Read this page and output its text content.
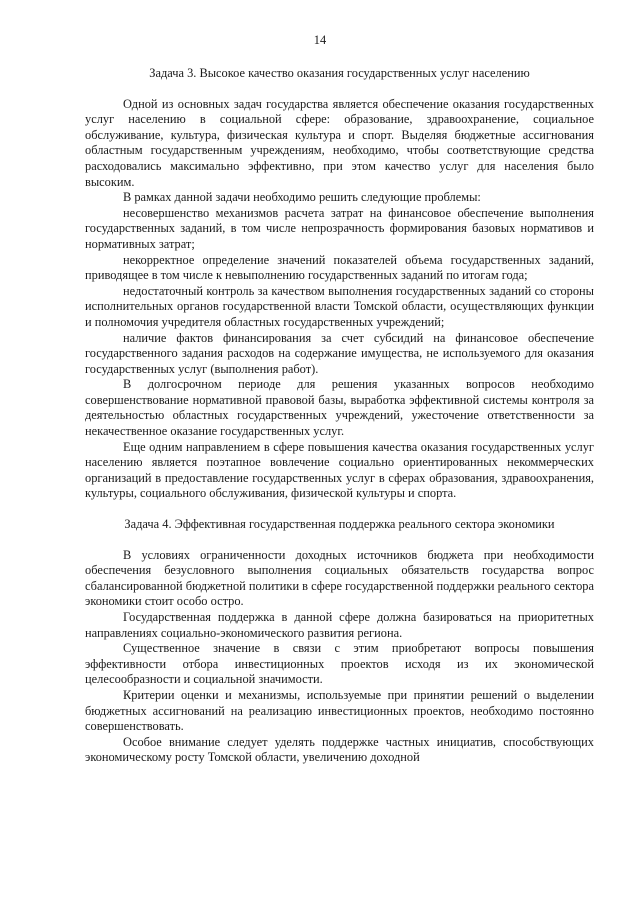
14
Задача 3. Высокое качество оказания государственных услуг населению

Одной из основных задач государства является обеспечение оказания государственных услуг населению в социальной сфере: образование, здравоохранение, социальное обслуживание, культура, физическая культура и спорт. Выделяя бюджетные ассигнования областным государственным учреждениям, необходимо, чтобы соответствующие средства расходовались максимально эффективно, при этом качество услуг для населения было высоким.

В рамках данной задачи необходимо решить следующие проблемы:

несовершенство механизмов расчета затрат на финансовое обеспечение выполнения государственных заданий, в том числе непрозрачность формирования базовых нормативов и нормативных затрат;

некорректное определение значений показателей объема государственных заданий, приводящее в том числе к невыполнению государственных заданий по итогам года;

недостаточный контроль за качеством выполнения государственных заданий со стороны исполнительных органов государственной власти Томской области, осуществляющих функции и полномочия учредителя областных государственных учреждений;

наличие фактов финансирования за счет субсидий на финансовое обеспечение государственного задания расходов на содержание имущества, не используемого для оказания государственных услуг (выполнения работ).

В долгосрочном периоде для решения указанных вопросов необходимо совершенствование нормативной правовой базы, выработка эффективной системы контроля за деятельностью областных государственных учреждений, ужесточение ответственности за некачественное оказание государственных услуг.

Еще одним направлением в сфере повышения качества оказания государственных услуг населению является поэтапное вовлечение социально ориентированных некоммерческих организаций в предоставление государственных услуг в сферах образования, здравоохранения, культуры, социального обслуживания, физической культуры и спорта.

Задача 4. Эффективная государственная поддержка реального сектора экономики

В условиях ограниченности доходных источников бюджета при необходимости обеспечения безусловного выполнения социальных обязательств государства вопрос сбалансированной бюджетной политики в сфере государственной поддержки реального сектора экономики стоит особо остро.

Государственная поддержка в данной сфере должна базироваться на приоритетных направлениях социально-экономического развития региона.

Существенное значение в связи с этим приобретают вопросы повышения эффективности отбора инвестиционных проектов исходя из их экономической целесообразности и социальной значимости.

Критерии оценки и механизмы, используемые при принятии решений о выделении бюджетных ассигнований на реализацию инвестиционных проектов, необходимо постоянно совершенствовать.

Особое внимание следует уделять поддержке частных инициатив, способствующих экономическому росту Томской области, увеличению доходной
